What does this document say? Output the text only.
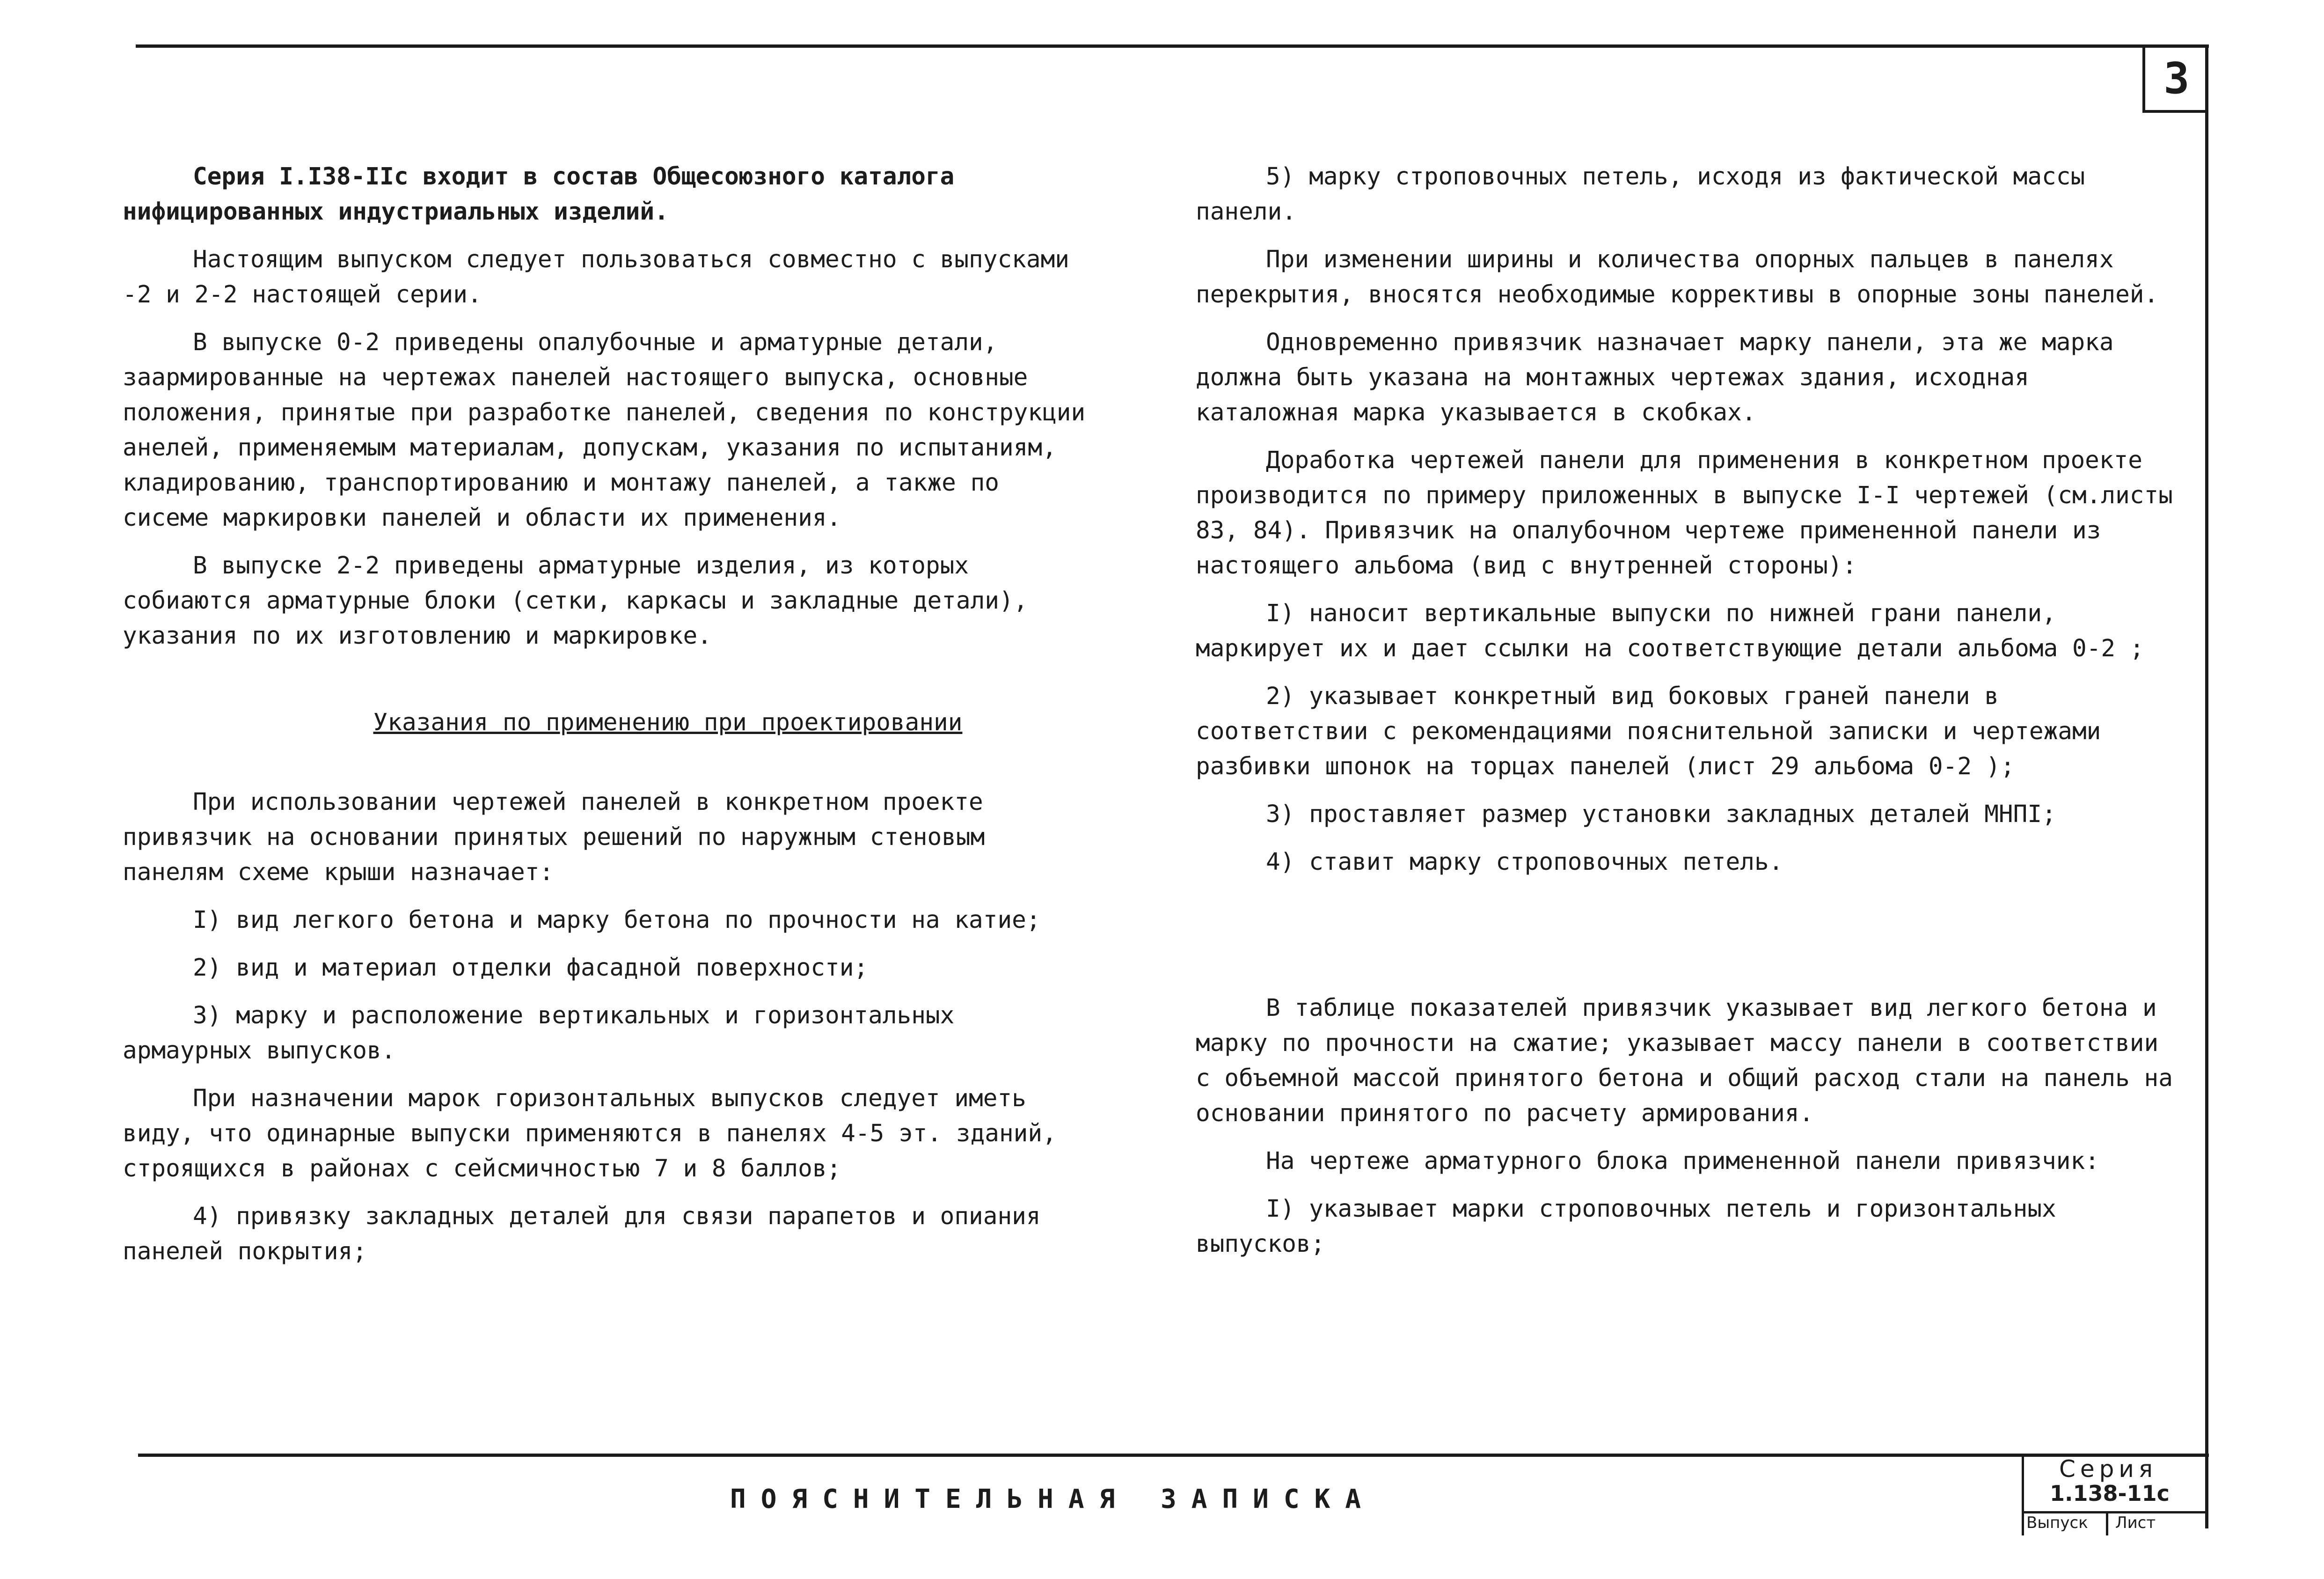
3

Серия I.I38-IIс входит в состав Общесоюзного каталога нифицированных индустриальных изделий.

Настоящим выпуском следует пользоваться совместно с выпусками -2 и 2-2 настоящей серии.

В выпуске 0-2 приведены опалубочные и арматурные детали, заармированные на чертежах панелей настоящего выпуска, основные положения, принятые при разработке панелей, сведения по конструкции анелей, применяемым материалам, допускам, указания по испытаниям, кладированию, транспортированию и монтажу панелей, а также по сисеме маркировки панелей и области их применения.

В выпуске 2-2 приведены арматурные изделия, из которых собиаются арматурные блоки (сетки, каркасы и закладные детали), указания по их изготовлению и маркировке.

Указания по применению при проектировании

При использовании чертежей панелей в конкретном проекте привязчик на основании принятых решений по наружным стеновым панелям схеме крыши назначает:

I) вид легкого бетона и марку бетона по прочности на катие;

2) вид и материал отделки фасадной поверхности;

3) марку и расположение вертикальных и горизонтальных армаурных выпусков.

При назначении марок горизонтальных выпусков следует иметь виду, что одинарные выпуски применяются в панелях 4-5 эт. зданий, строящихся в районах с сейсмичностью 7 и 8 баллов;

4) привязку закладных деталей для связи парапетов и опиания панелей покрытия;

5) марку строповочных петель, исходя из фактической массы панели.

При изменении ширины и количества опорных пальцев в панелях перекрытия, вносятся необходимые коррективы в опорные зоны панелей.

Одновременно привязчик назначает марку панели, эта же марка должна быть указана на монтажных чертежах здания, исходная каталожная марка указывается в скобках.

Доработка чертежей панели для применения в конкретном проекте производится по примеру приложенных в выпуске I-I чертежей (см.листы 83, 84). Привязчик на опалубочном чертеже примененной панели из настоящего альбома (вид с внутренней стороны):

I) наносит вертикальные выпуски по нижней грани панели, маркирует их и дает ссылки на соответствующие детали альбома 0-2 ;

2) указывает конкретный вид боковых граней панели в соответствии с рекомендациями пояснительной записки и чертежами разбивки шпонок на торцах панелей (лист 29 альбома 0-2 );

3) проставляет размер установки закладных деталей МНПI;

4) ставит марку строповочных петель.

В таблице показателей привязчик указывает вид легкого бетона и марку по прочности на сжатие; указывает массу панели в соответствии с объемной массой принятого бетона и общий расход стали на панель на основании принятого по расчету армирования.

На чертеже арматурного блока примененной панели привязчик:

I) указывает марки строповочных петель и горизонтальных выпусков;

ПОЯСНИТЕЛЬНАЯ ЗАПИСКА
Серия
1.138-11с
Выпуск Лист
